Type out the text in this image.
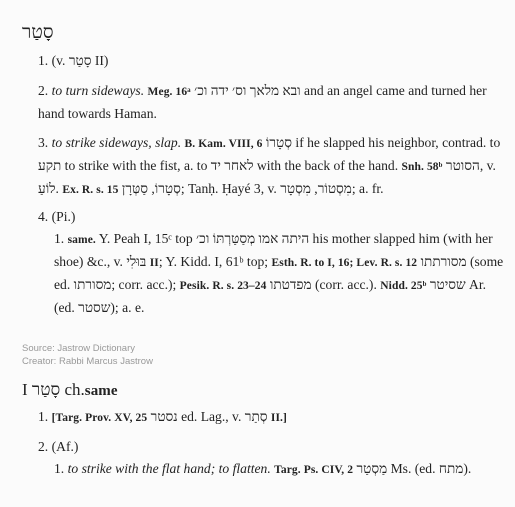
סָטַר
1. (v. סָטַר II)
2. to turn sideways. Meg. 16ᵃ ובא מלאך וס׳ ידה וכ׳ and an angel came and turned her hand towards Haman.
3. to strike sideways, slap. B. Kam. VIII, 6 סְטָרוֹ if he slapped his neighbor, contrad. to תקע to strike with the fist, a. to לאחר יד with the back of the hand. Snh. 58ᵇ הסוטר, v. לוֹעַ. Ex. R. s. 15 סְטָרוֹ, סַטְּרָן; Tanḥ. Ḥayé 3, v. מִסְטוֹר, מִסְטָר; a. fr.
4. (Pi.)
1. same. Y. Peah I, 15ᶜ top היתה אמו מְסַטַּרְתּוֹ וכ׳ his mother slapped him (with her shoe) &c., v. בּוּלִי II; Y. Kidd. I, 61ᵇ top; Esth. R. to I, 16; Lev. R. s. 12 מסורתתו (some ed. מסורתו; corr. acc.); Pesik. R. s. 23–24 מפדטתו (corr. acc.). Nidd. 25ᵇ שסיטר Ar. (ed. שסטר); a. e.
Source: Jastrow Dictionary
Creator: Rabbi Marcus Jastrow
I סָטַר ch.same
1. [Targ. Prov. XV, 25 נסטר ed. Lag., v. סְתַר II.]
2. (Af.)
1. to strike with the flat hand; to flatten. Targ. Ps. CIV, 2 מַסְטַר Ms. (ed. מתח).
